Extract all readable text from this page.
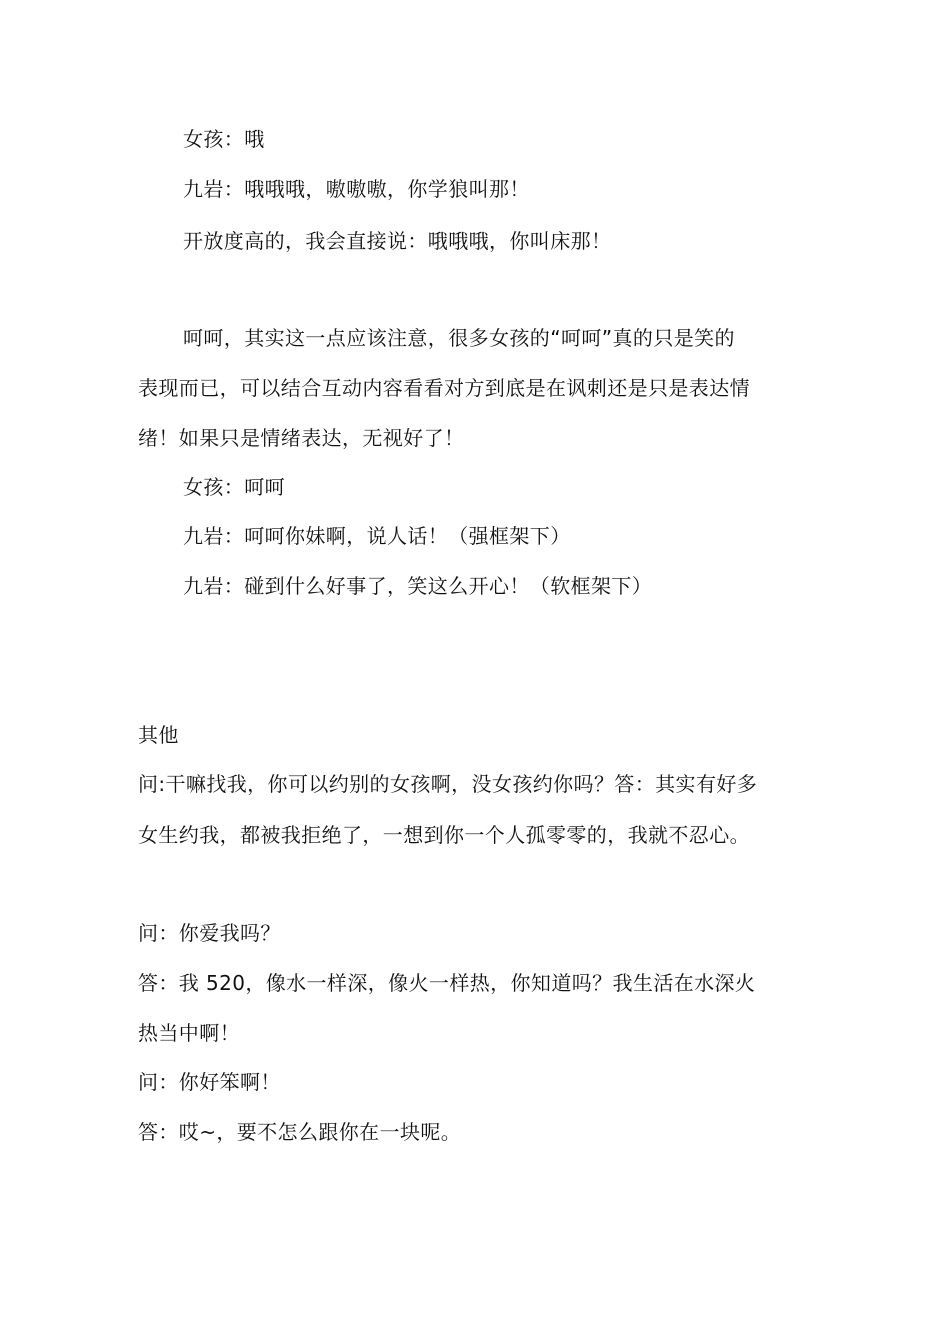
女孩：哦
九岩：哦哦哦，嗷嗷嗷，你学狼叫那！
开放度高的，我会直接说：哦哦哦，你叫床那！
呵呵，其实这一点应该注意，很多女孩的“呵呵”真的只是笑的
表现而已，可以结合互动内容看看对方到底是在讽刺还是只是表达情
绪！如果只是情绪表达，无视好了！
女孩：呵呵
九岩：呵呵你妹啊，说人话！（强框架下）
九岩：碰到什么好事了，笑这么开心！（软框架下）
其他
问:干嘛找我，你可以约别的女孩啊，没女孩约你吗？答：其实有好多
女生约我，都被我拒绝了，一想到你一个人孤零零的，我就不忍心。
问：你爱我吗？
答：我 520，像水一样深，像火一样热，你知道吗？我生活在水深火
热当中啊！
问：你好笨啊！
答：哎~，要不怎么跟你在一块呢。
